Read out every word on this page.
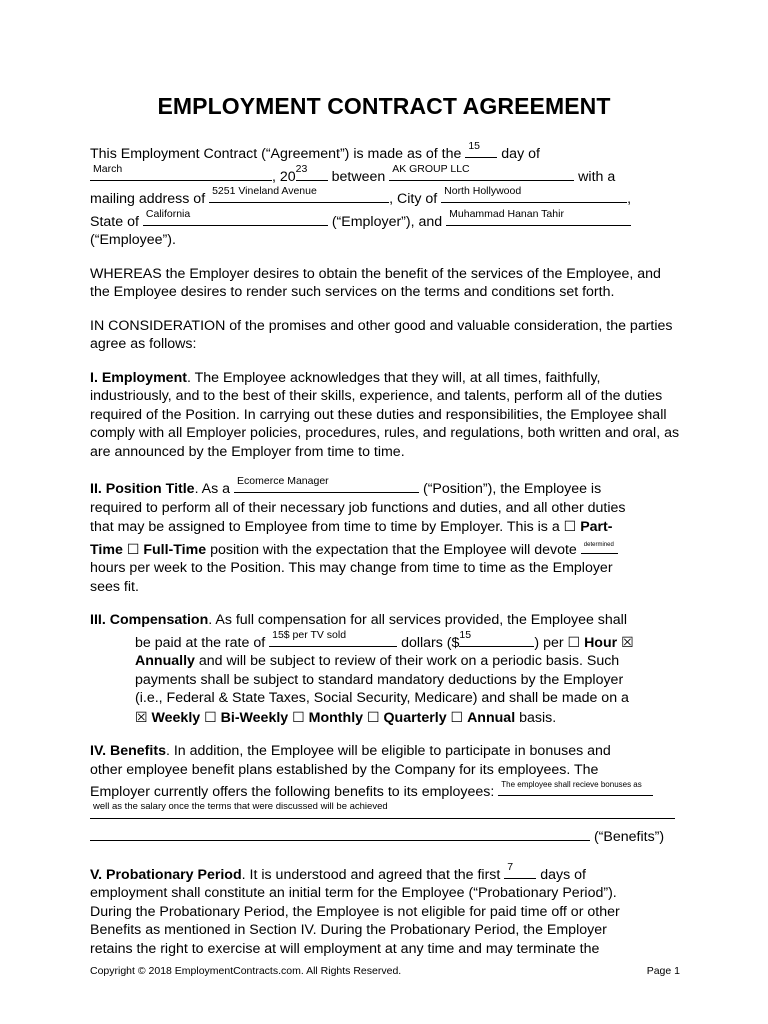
EMPLOYMENT CONTRACT AGREEMENT
This Employment Contract (“Agreement”) is made as of the 15 day of
March	, 20 23 between AK GROUP LLC	with a
mailing address of 5251 Vineland Avenue	, City of North Hollywood	,
State of California	(“Employer”), and Muhammad Hanan Tahir
(“Employee”).
WHEREAS the Employer desires to obtain the benefit of the services of the Employee, and the Employee desires to render such services on the terms and conditions set forth.
IN CONSIDERATION of the promises and other good and valuable consideration, the parties agree as follows:
I. Employment. The Employee acknowledges that they will, at all times, faithfully, industriously, and to the best of their skills, experience, and talents, perform all of the duties required of the Position. In carrying out these duties and responsibilities, the Employee shall comply with all Employer policies, procedures, rules, and regulations, both written and oral, as are announced by the Employer from time to time.
II. Position Title. As a Ecomerce Manager	(“Position”), the Employee is
required to perform all of their necessary job functions and duties, and all other duties
that may be assigned to Employee from time to time by Employer. This is a ☐ Part-
Time ☐ Full-Time position with the expectation that the Employee will devote determined
hours per week to the Position. This may change from time to time as the Employer
sees fit.
III. Compensation. As full compensation for all services provided, the Employee shall
be paid at the rate of 15$ per TV sold	dollars ($ 15	) per ☐ Hour ☒
Annually and will be subject to review of their work on a periodic basis. Such
payments shall be subject to standard mandatory deductions by the Employer
(i.e., Federal & State Taxes, Social Security, Medicare) and shall be made on a
☒ Weekly ☐ Bi-Weekly ☐ Monthly ☐ Quarterly ☐ Annual basis.
IV. Benefits. In addition, the Employee will be eligible to participate in bonuses and
other employee benefit plans established by the Company for its employees. The
Employer currently offers the following benefits to its employees: The employee shall recieve bonuses as
well as the salary once the terms that were discussed will be achieved
(“Benefits”)
V. Probationary Period. It is understood and agreed that the first 7 days of
employment shall constitute an initial term for the Employee (“Probationary Period”).
During the Probationary Period, the Employee is not eligible for paid time off or other
Benefits as mentioned in Section IV. During the Probationary Period, the Employer
retains the right to exercise at will employment at any time and may terminate the
Copyright © 2018 EmploymentContracts.com. All Rights Reserved.	Page 1
